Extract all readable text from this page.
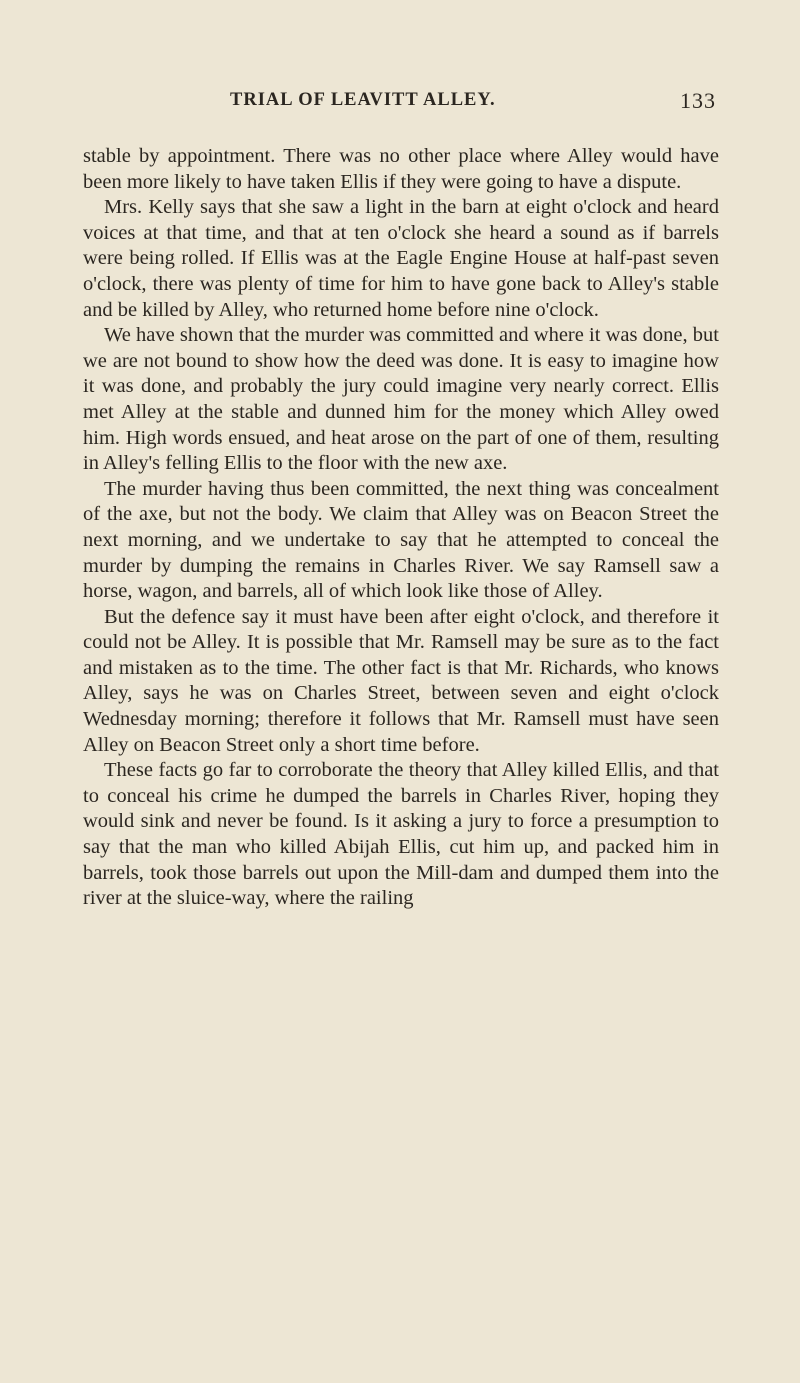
TRIAL OF LEAVITT ALLEY.	133

stable by appointment. There was no other place where Alley would have been more likely to have taken Ellis if they were going to have a dispute.

Mrs. Kelly says that she saw a light in the barn at eight o'clock and heard voices at that time, and that at ten o'clock she heard a sound as if barrels were being rolled. If Ellis was at the Eagle Engine House at half-past seven o'clock, there was plenty of time for him to have gone back to Alley's stable and be killed by Alley, who returned home before nine o'clock.

We have shown that the murder was committed and where it was done, but we are not bound to show how the deed was done. It is easy to imagine how it was done, and probably the jury could imagine very nearly correct. Ellis met Alley at the stable and dunned him for the money which Alley owed him. High words ensued, and heat arose on the part of one of them, resulting in Alley's felling Ellis to the floor with the new axe.

The murder having thus been committed, the next thing was concealment of the axe, but not the body. We claim that Alley was on Beacon Street the next morning, and we undertake to say that he attempted to conceal the murder by dumping the remains in Charles River. We say Ramsell saw a horse, wagon, and barrels, all of which look like those of Alley.

But the defence say it must have been after eight o'clock, and therefore it could not be Alley. It is possible that Mr. Ramsell may be sure as to the fact and mistaken as to the time. The other fact is that Mr. Richards, who knows Alley, says he was on Charles Street, between seven and eight o'clock Wednesday morning; therefore it follows that Mr. Ramsell must have seen Alley on Beacon Street only a short time before.

These facts go far to corroborate the theory that Alley killed Ellis, and that to conceal his crime he dumped the barrels in Charles River, hoping they would sink and never be found. Is it asking a jury to force a presumption to say that the man who killed Abijah Ellis, cut him up, and packed him in barrels, took those barrels out upon the Mill-dam and dumped them into the river at the sluice-way, where the railing
